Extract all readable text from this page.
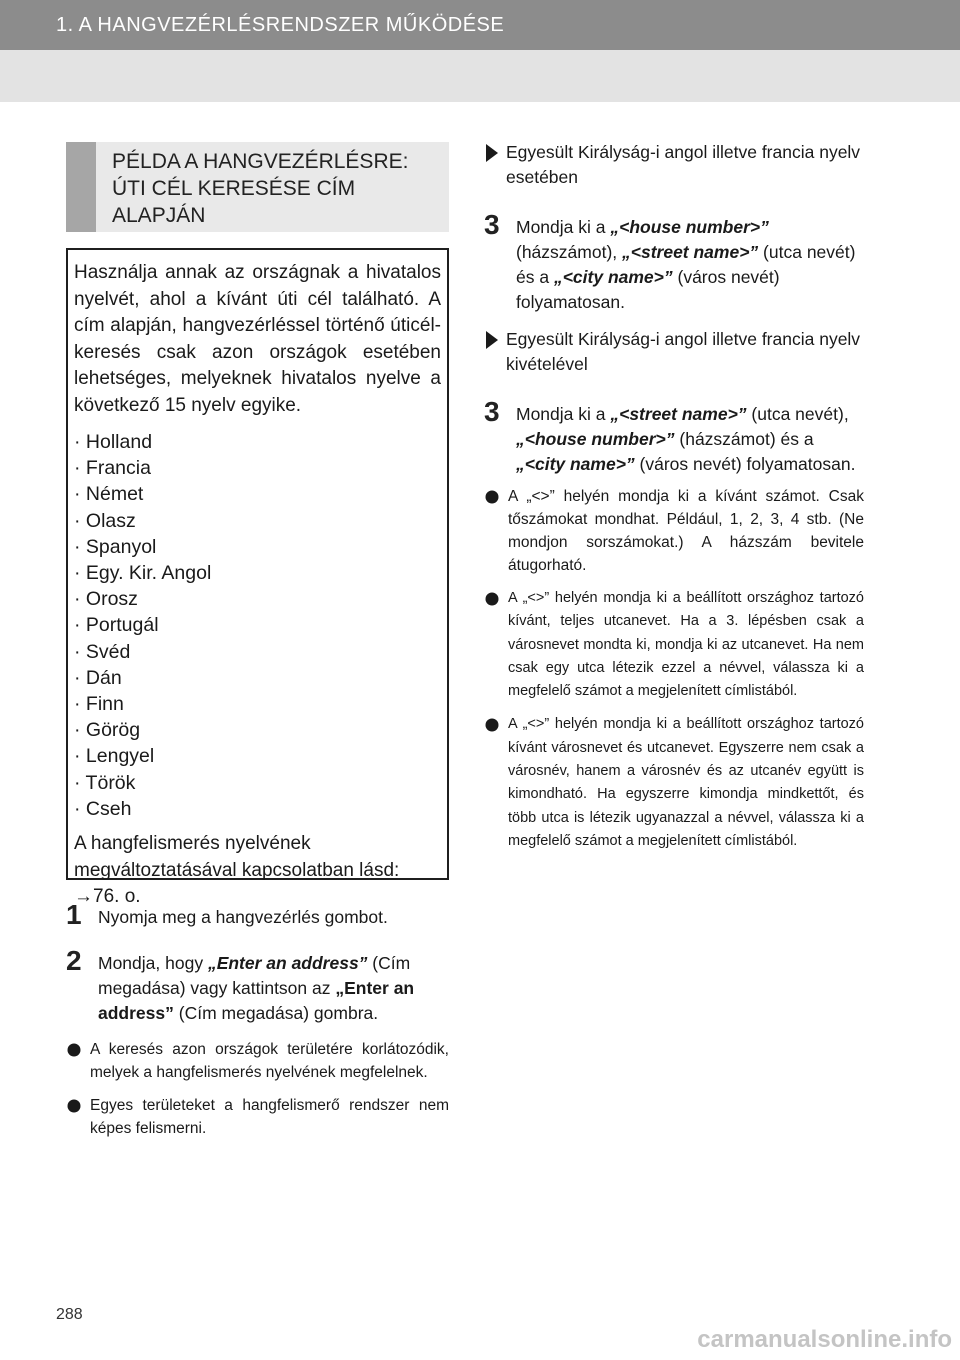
1. A HANGVEZÉRLÉSRENDSZER MŰKÖDÉSE
PÉLDA A HANGVEZÉRLÉSRE:
ÚTI CÉL KERESÉSE CÍM
ALAPJÁN

Használja annak az országnak a hivatalos nyelvét, ahol a kívánt úti cél található. A cím alapján, hangvezérléssel történő úticél-keresés csak azon országok esetében lehetséges, melyeknek hivatalos nyelve a következő 15 nyelv egyike.

· Holland
· Francia
· Német
· Olasz
· Spanyol
· Egy. Kir. Angol
· Orosz
· Portugál
· Svéd
· Dán
· Finn
· Görög
· Lengyel
· Török
· Cseh

A hangfelismerés nyelvének megváltoztatásával kapcsolatban lásd: →76. o.

1 Nyomja meg a hangvezérlés gombot.
2 Mondja, hogy „Enter an address” (Cím megadása) vagy kattintson az „Enter an address” (Cím megadása) gombra.
A keresés azon országok területére korlátozódik, melyek a hangfelismerés nyelvének megfelelnek.
Egyes területeket a hangfelismerő rendszer nem képes felismerni.
Egyesült Királyság-i angol illetve francia nyelv esetében
3 Mondja ki a „<house number>” (házszámot), „<street name>” (utca nevét) és a „<city name>” (város nevét) folyamatosan.
Egyesült Királyság-i angol illetve francia nyelv kivételével
3 Mondja ki a „<street name>” (utca nevét), „<house number>” (házszámot) és a „<city name>” (város nevét) folyamatosan.
A „<>” helyén mondja ki a kívánt számot. Csak tőszámokat mondhat. Például, 1, 2, 3, 4 stb. (Ne mondjon sorszámokat.) A házszám bevitele átugorható.
A „<>” helyén mondja ki a beállított országhoz tartozó kívánt, teljes utcanevet. Ha a 3. lépésben csak a városnevet mondta ki, mondja ki az utcanevet. Ha nem csak egy utca létezik ezzel a névvel, válassza ki a megfelelő számot a megjelenített címlistából.
A „<>” helyén mondja ki a beállított országhoz tartozó kívánt városnevet és utcanevet. Egyszerre nem csak a városnév, hanem a városnév és az utcanév együtt is kimondható. Ha egyszerre kimondja mindkettőt, és több utca is létezik ugyanazzal a névvel, válassza ki a megfelelő számot a megjelenített címlistából.
288
carmanualsonline.info
